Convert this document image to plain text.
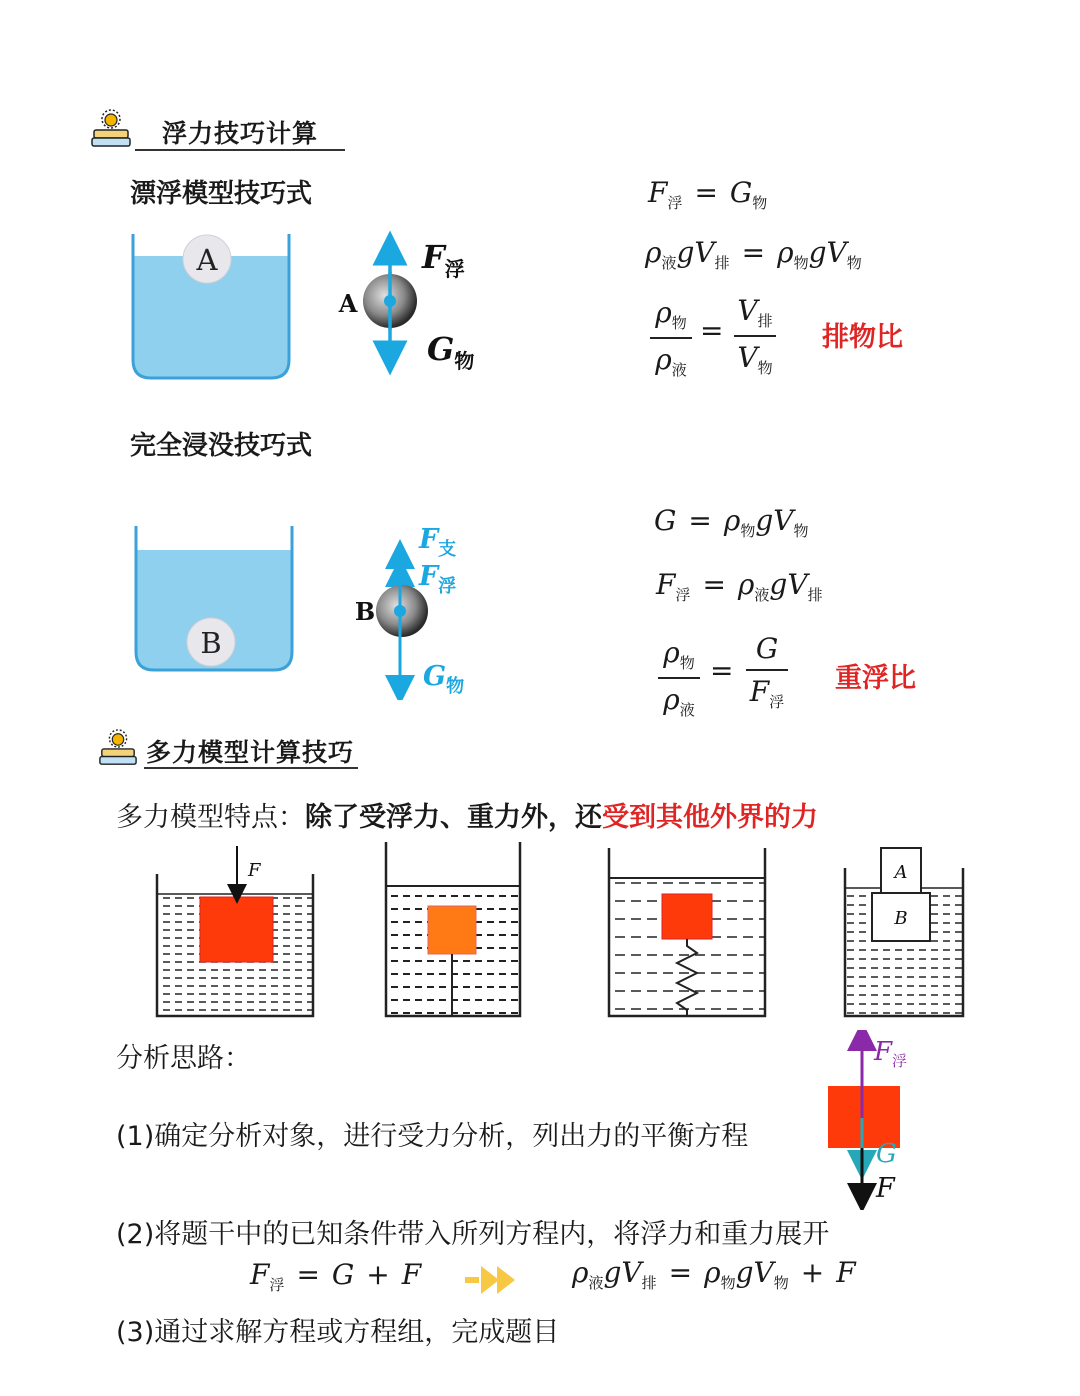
浮力技巧计算
漂浮模型技巧式
A
A
$F_浮$
$G_物$
$F_浮 = G_物$
$\rho_液gV_排 = \rho_物gV_物$
$\rho_物$
$\rho_液$
=
$V_排$
$V_物$
排物比
完全浸没技巧式
B
B
$F_支$
$F_浮$
$G_物$
$G = \rho_物gV_物$
$F_浮 = \rho_液gV_排$
$\rho_物$
$\rho_液$
=
G
$F_浮$
重浮比
多力模型计算技巧
多力模型特点：除了受浮力、重力外，还受到其他外界的力
F	A
B
分析思路：
(1)确定分析对象，进行受力分析，列出力的平衡方程
(2)将题干中的已知条件带入所列方程内，将浮力和重力展开
(3)通过求解方程或方程组，完成题目
$F_浮$
G
F
$F_浮 = G + F$	$\rho_液gV_排 = \rho_物gV_物 + F$
